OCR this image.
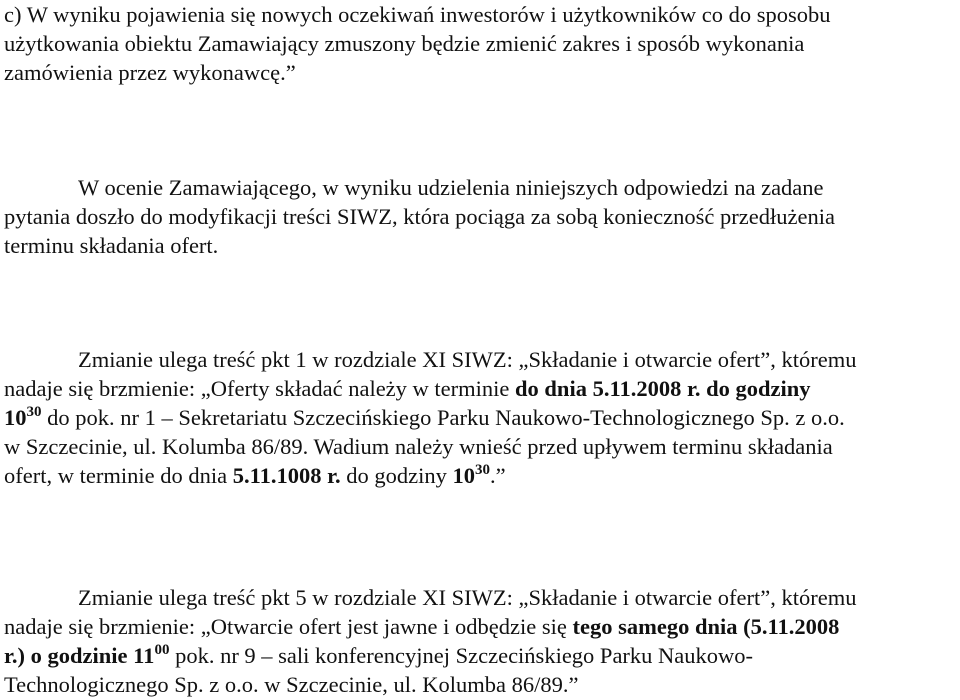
c) W wyniku pojawienia się nowych oczekiwań inwestorów i użytkowników co do sposobu
użytkowania obiektu Zamawiający zmuszony będzie zmienić zakres i sposób wykonania
zamówienia przez wykonawcę.”

W ocenie Zamawiającego, w wyniku udzielenia niniejszych odpowiedzi na zadane
pytania doszło do modyfikacji treści SIWZ, która pociąga za sobą konieczność przedłużenia
terminu składania ofert.

Zmianie ulega treść pkt 1 w rozdziale XI SIWZ: „Składanie i otwarcie ofert”, któremu
nadaje się brzmienie: „Oferty składać należy w terminie do dnia 5.11.2008 r. do godziny
$10^{30}$ do pok. nr 1 – Sekretariatu Szczecińskiego Parku Naukowo-Technologicznego Sp. z o.o.
w Szczecinie, ul. Kolumba 86/89. Wadium należy wnieść przed upływem terminu składania
ofert, w terminie do dnia 5.11.1008 r. do godziny $10^{30}$.”

Zmianie ulega treść pkt 5 w rozdziale XI SIWZ: „Składanie i otwarcie ofert”, któremu
nadaje się brzmienie: „Otwarcie ofert jest jawne i odbędzie się tego samego dnia (5.11.2008
r.) o godzinie $11^{00}$ pok. nr 9 – sali konferencyjnej Szczecińskiego Parku Naukowo-
Technologicznego Sp. z o.o. w Szczecinie, ul. Kolumba 86/89.”
